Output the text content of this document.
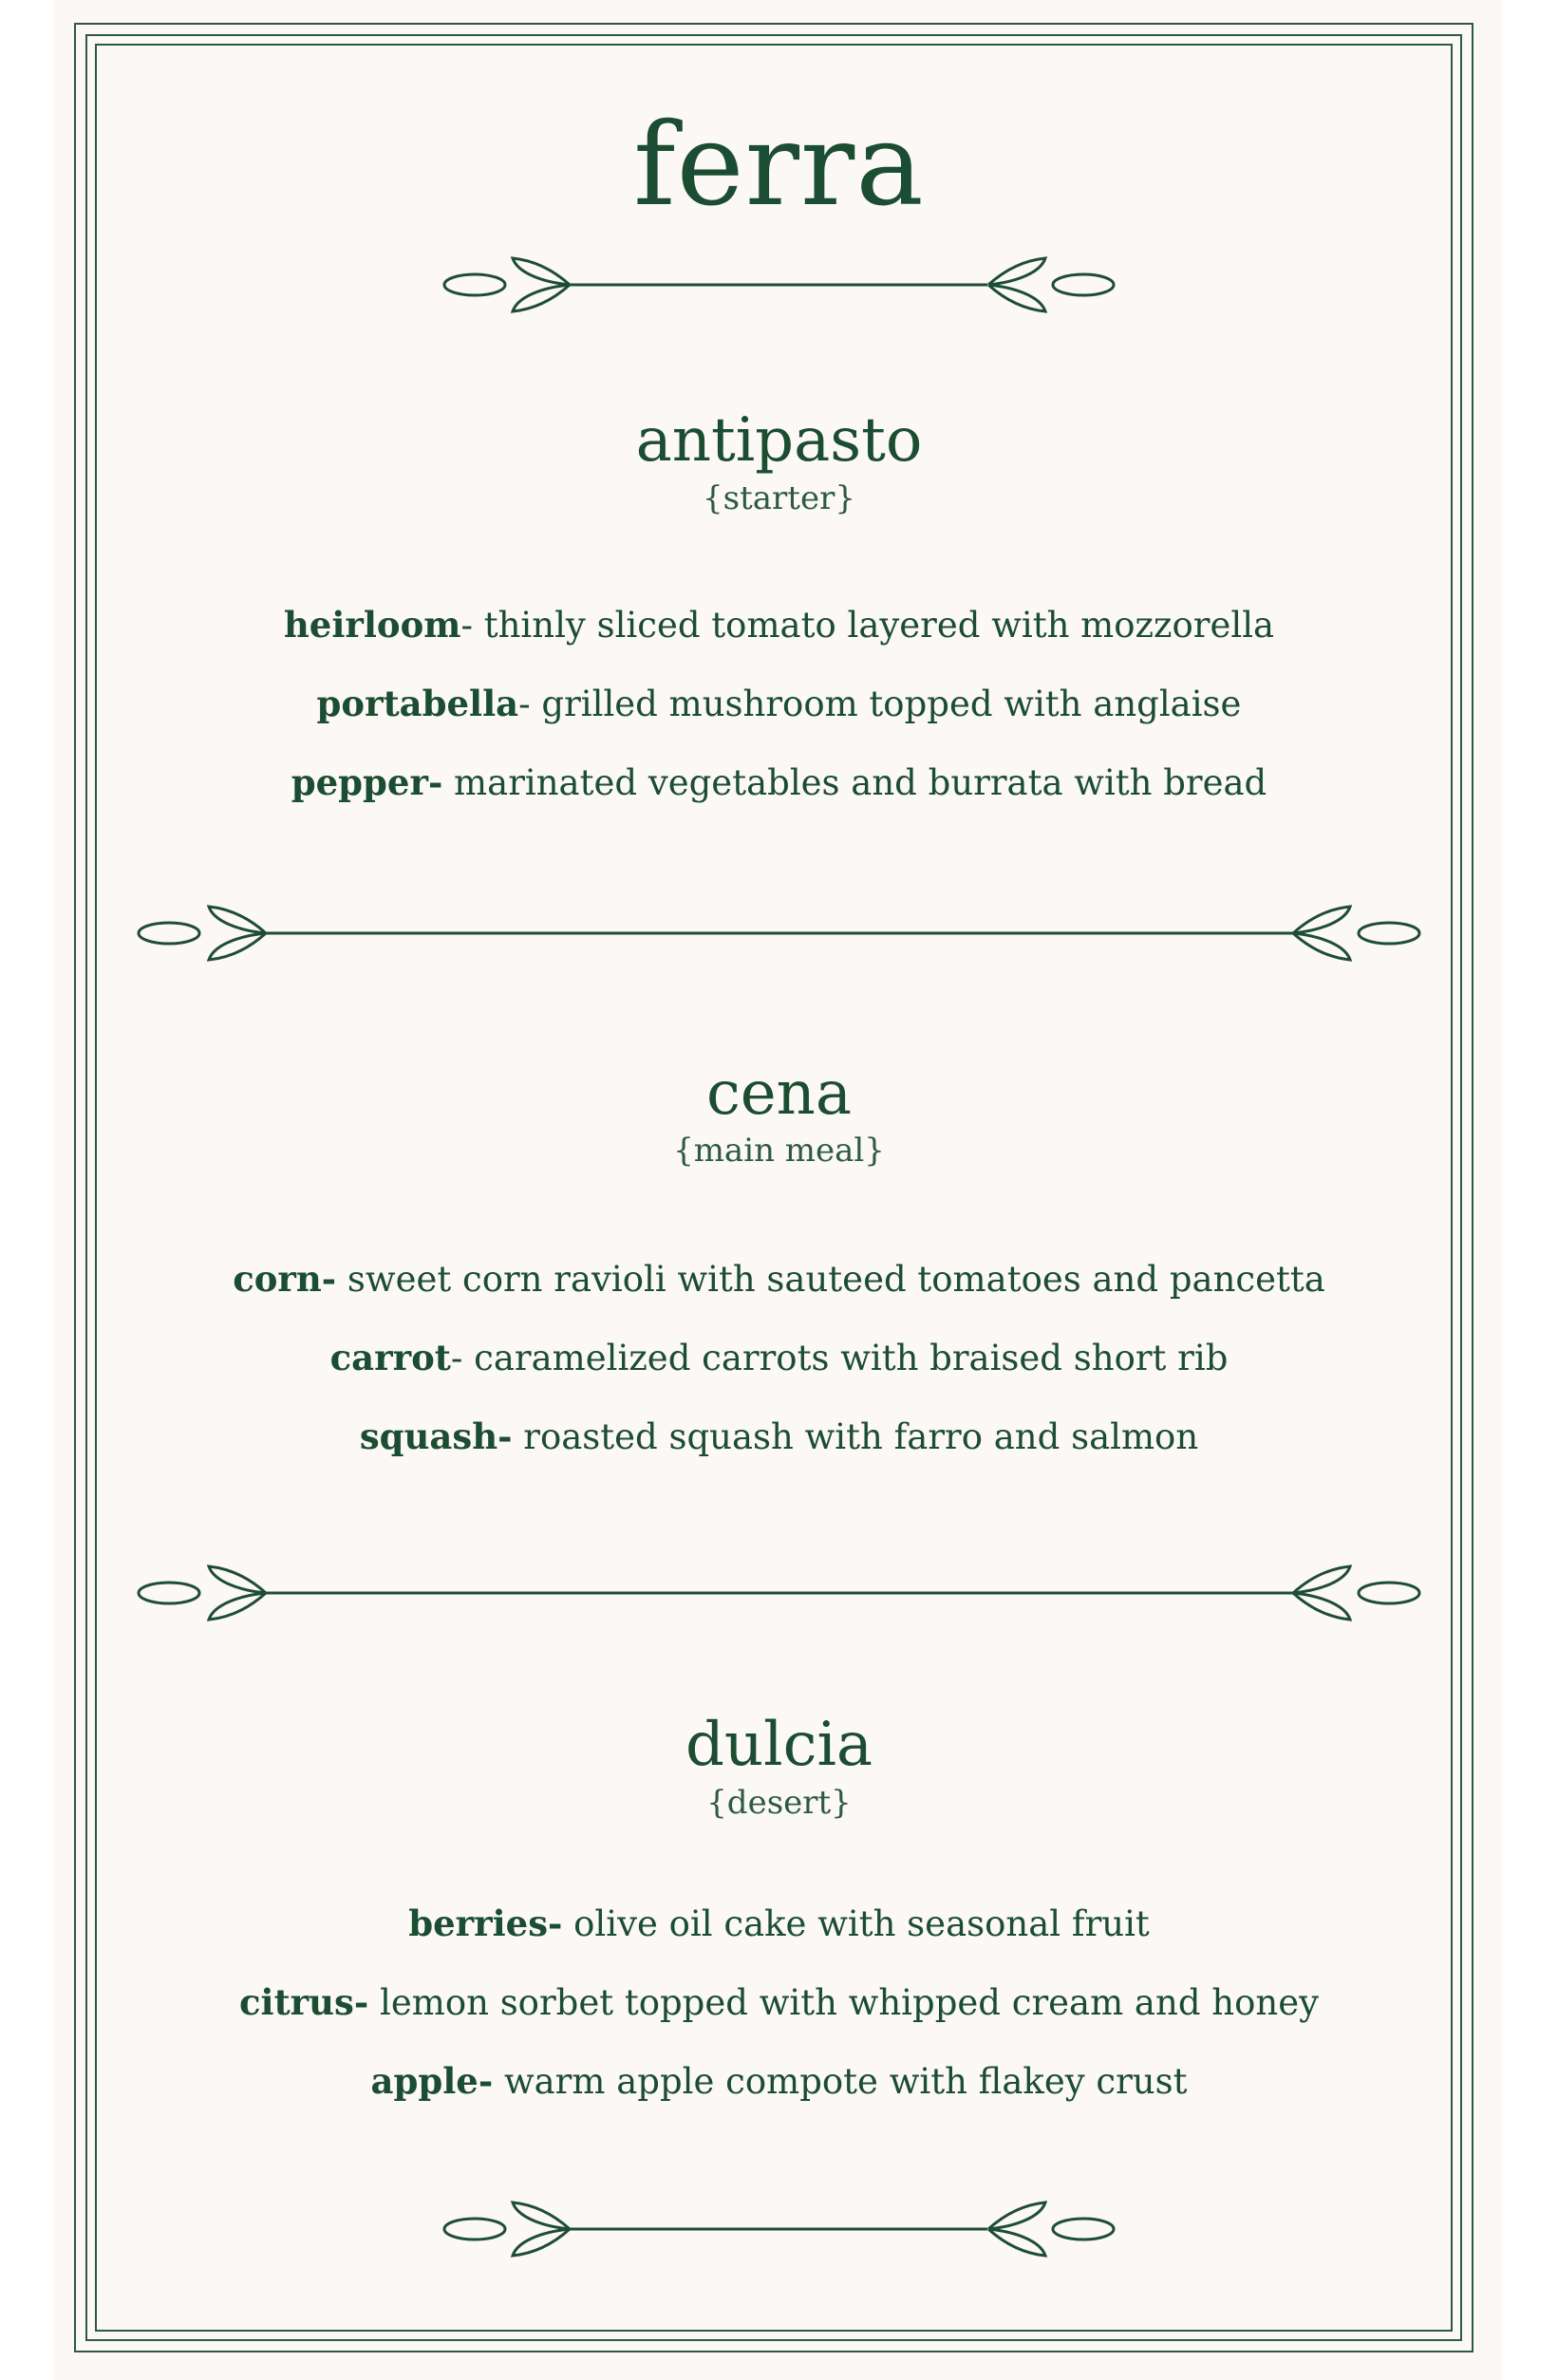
ferra
antipasto
{starter}
heirloom- thinly sliced tomato layered with mozzorella
portabella- grilled mushroom topped with anglaise
pepper- marinated vegetables and burrata with bread
cena
{main meal}
corn- sweet corn ravioli with sauteed tomatoes and pancetta
carrot- caramelized carrots with braised short rib
squash- roasted squash with farro and salmon
dulcia
{desert}
berries- olive oil cake with seasonal fruit
citrus- lemon sorbet topped with whipped cream and honey
apple- warm apple compote with flakey crust
